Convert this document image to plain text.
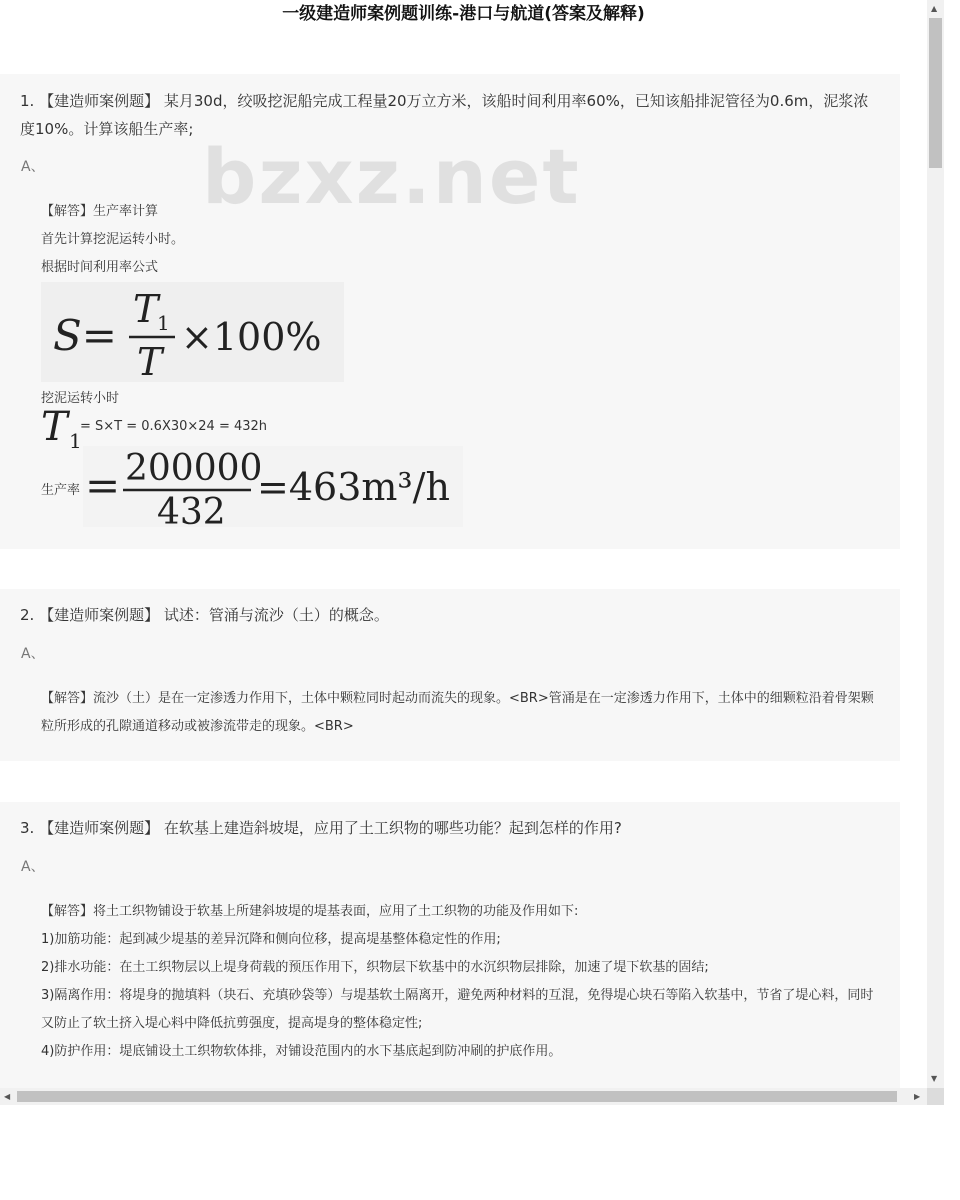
一级建造师案例题训练-港口与航道(答案及解释)
1. 【建造师案例题】 某月30d，绞吸挖泥船完成工程量20万立方米，该船时间利用率60%，已知该船排泥管径为0.6m，泥浆浓度10%。计算该船生产率;
A、

【解答】生产率计算

首先计算挖泥运转小时。

根据时间利用率公式

S=
T
1
T
×100%
挖泥运转小时
T 1
= S×T = 0.6X30×24 = 432h
生产率 = 200000
432
=463m³/h
2. 【建造师案例题】 试述：管涌与流沙（土）的概念。
A、

【解答】流沙（土）是在一定渗透力作用下，土体中颗粒同时起动而流失的现象。<BR>管涌是在一定渗透力作用下，土体中的细颗粒沿着骨架颗粒所形成的孔隙通道移动或被渗流带走的现象。<BR>

3. 【建造师案例题】 在软基上建造斜坡堤，应用了土工织物的哪些功能？起到怎样的作用?
A、

【解答】将土工织物铺设于软基上所建斜坡堤的堤基表面，应用了土工织物的功能及作用如下:

1)加筋功能：起到减少堤基的差异沉降和侧向位移，提高堤基整体稳定性的作用;

2)排水功能：在土工织物层以上堤身荷载的预压作用下，织物层下软基中的水沉织物层排除，加速了堤下软基的固结;

3)隔离作用：将堤身的抛填料（块石、充填砂袋等）与堤基软土隔离开，避免两种材料的互混，免得堤心块石等陷入软基中，节省了堤心料，同时又防止了软土挤入堤心料中降低抗剪强度，提高堤身的整体稳定性;

4)防护作用：堤底铺设土工织物软体排，对铺设范围内的水下基底起到防冲刷的护底作用。

bzxz.net
▲
▼
◀	▶
